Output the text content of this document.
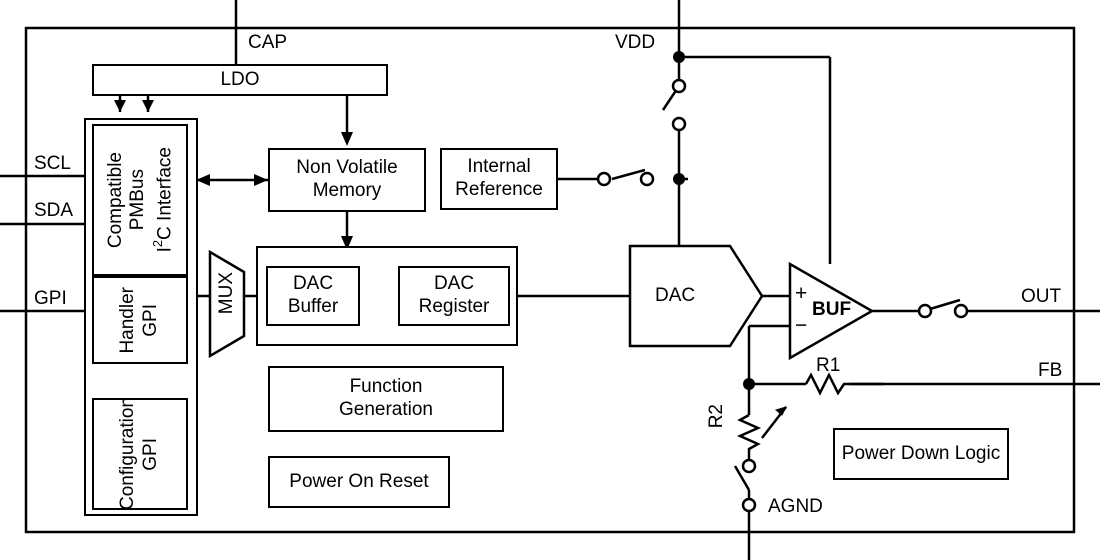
LDO
Compatible PMBus
$I^2C$ Interface
Handler GPI
Configuration GPI
Non Volatile
Memory
Internal
Reference
DAC
Buffer
DAC
Register
Function
Generation
Power On Reset
Power Down Logic
MUX	DAC
BUF
+
−
CAP	VDD
SCL
SDA
GPI	OUT
FB
AGND
R1
R2
